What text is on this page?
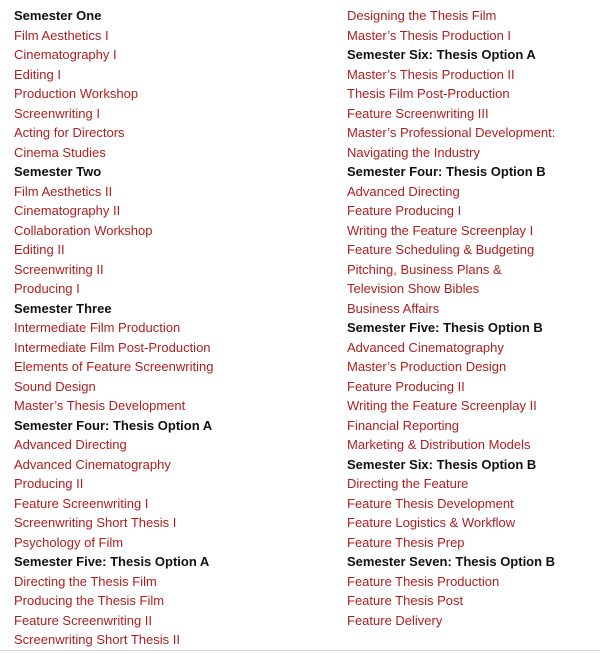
Semester One
Film Aesthetics I
Cinematography I
Editing I
Production Workshop
Screenwriting I
Acting for Directors
Cinema Studies
Semester Two
Film Aesthetics II
Cinematography II
Collaboration Workshop
Editing II
Screenwriting II
Producing I
Semester Three
Intermediate Film Production
Intermediate Film Post-Production
Elements of Feature Screenwriting
Sound Design
Master’s Thesis Development
Semester Four: Thesis Option A
Advanced Directing
Advanced Cinematography
Producing II
Feature Screenwriting I
Screenwriting Short Thesis I
Psychology of Film
Semester Five: Thesis Option A
Directing the Thesis Film
Producing the Thesis Film
Feature Screenwriting II
Screenwriting Short Thesis II
Designing the Thesis Film
Master’s Thesis Production I
Semester Six: Thesis Option A
Master’s Thesis Production II
Thesis Film Post-Production
Feature Screenwriting III
Master’s Professional Development:
Navigating the Industry
Semester Four: Thesis Option B
Advanced Directing
Feature Producing I
Writing the Feature Screenplay I
Feature Scheduling & Budgeting
Pitching, Business Plans &
Television Show Bibles
Business Affairs
Semester Five: Thesis Option B
Advanced Cinematography
Master’s Production Design
Feature Producing II
Writing the Feature Screenplay II
Financial Reporting
Marketing & Distribution Models
Semester Six: Thesis Option B
Directing the Feature
Feature Thesis Development
Feature Logistics & Workflow
Feature Thesis Prep
Semester Seven: Thesis Option B
Feature Thesis Production
Feature Thesis Post
Feature Delivery
